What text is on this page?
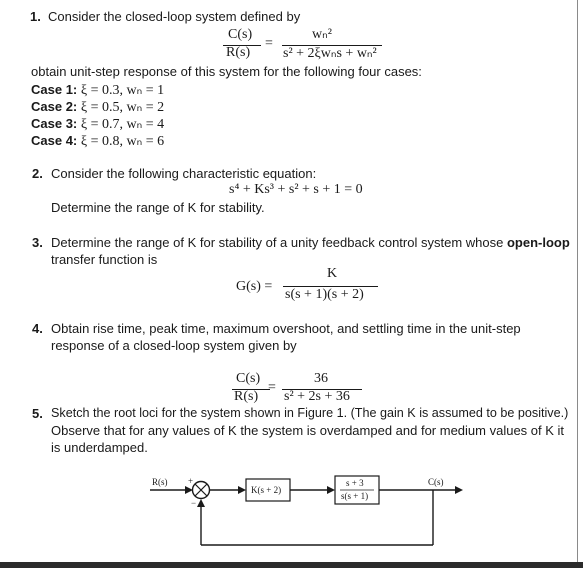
1. Consider the closed-loop system defined by
C(s)
R(s)
=
wₙ²
s² + 2ξwₙs + wₙ²
obtain unit-step response of this system for the following four cases:
Case 1: ξ = 0.3, wₙ = 1
Case 2: ξ = 0.5, wₙ = 2
Case 3: ξ = 0.7, wₙ = 4
Case 4: ξ = 0.8, wₙ = 6
2. Consider the following characteristic equation:
s⁴ + Ks³ + s² + s + 1 = 0
Determine the range of K for stability.
3. Determine the range of K for stability of a unity feedback control system whose open-loop
transfer function is
G(s) =
K
s(s + 1)(s + 2)
4. Obtain rise time, peak time, maximum overshoot, and settling time in the unit-step
response of a closed-loop system given by
C(s)
R(s)
=
36
s² + 2s + 36
5. Sketch the root loci for the system shown in Figure 1. (The gain K is assumed to be positive.)
Observe that for any values of K the system is overdamped and for medium values of K it
is underdamped.
R(s) +
−
K(s + 2)
s + 3
s(s + 1)
C(s)
